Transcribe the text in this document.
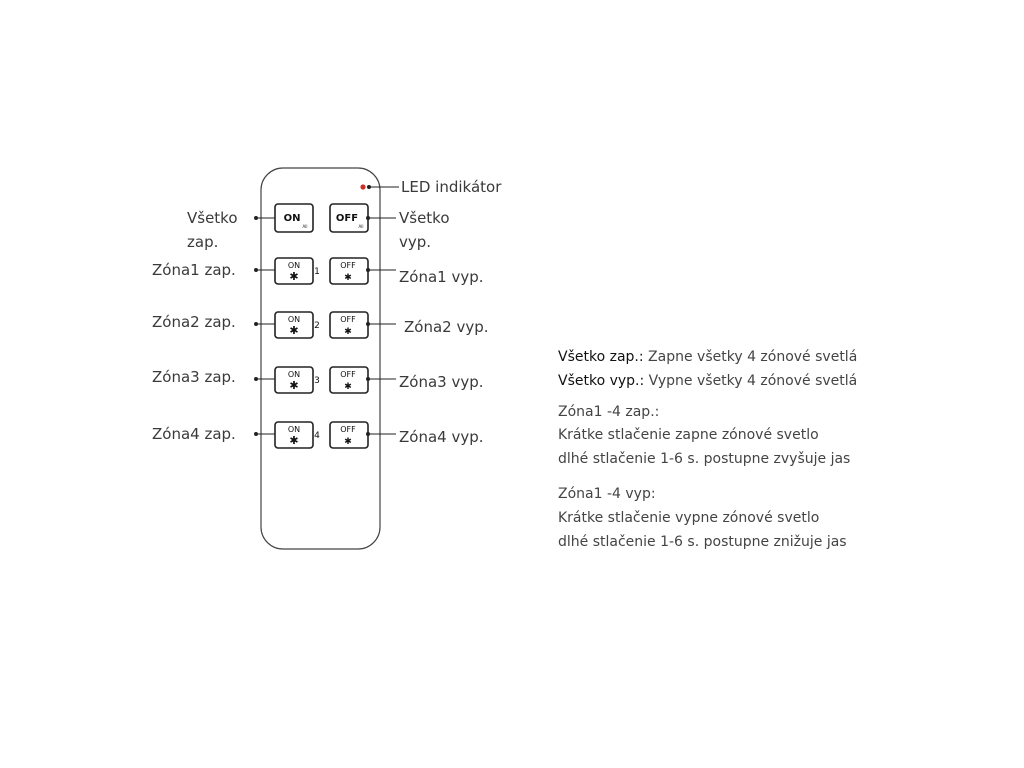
ON
All
OFF
All
ON
✱
OFF
✱
1
ON
✱
OFF
✱
2
ON
✱
OFF
✱
3
ON
✱
OFF
✱
4
LED indikátor
Všetko
zap.
Všetko
vyp.
Zóna1 zap.	Zóna1 vyp.
Zóna2 zap.	Zóna2 vyp.
Zóna3 zap.	Zóna3 vyp.
Zóna4 zap.	Zóna4 vyp.
Všetko zap.: Zapne všetky 4 zónové svetlá
Všetko vyp.: Vypne všetky 4 zónové svetlá
Zóna1 -4 zap.:
Krátke stlačenie zapne zónové svetlo
dlhé stlačenie 1-6 s. postupne zvyšuje jas
Zóna1 -4 vyp:
Krátke stlačenie vypne zónové svetlo
dlhé stlačenie 1-6 s. postupne znižuje jas
